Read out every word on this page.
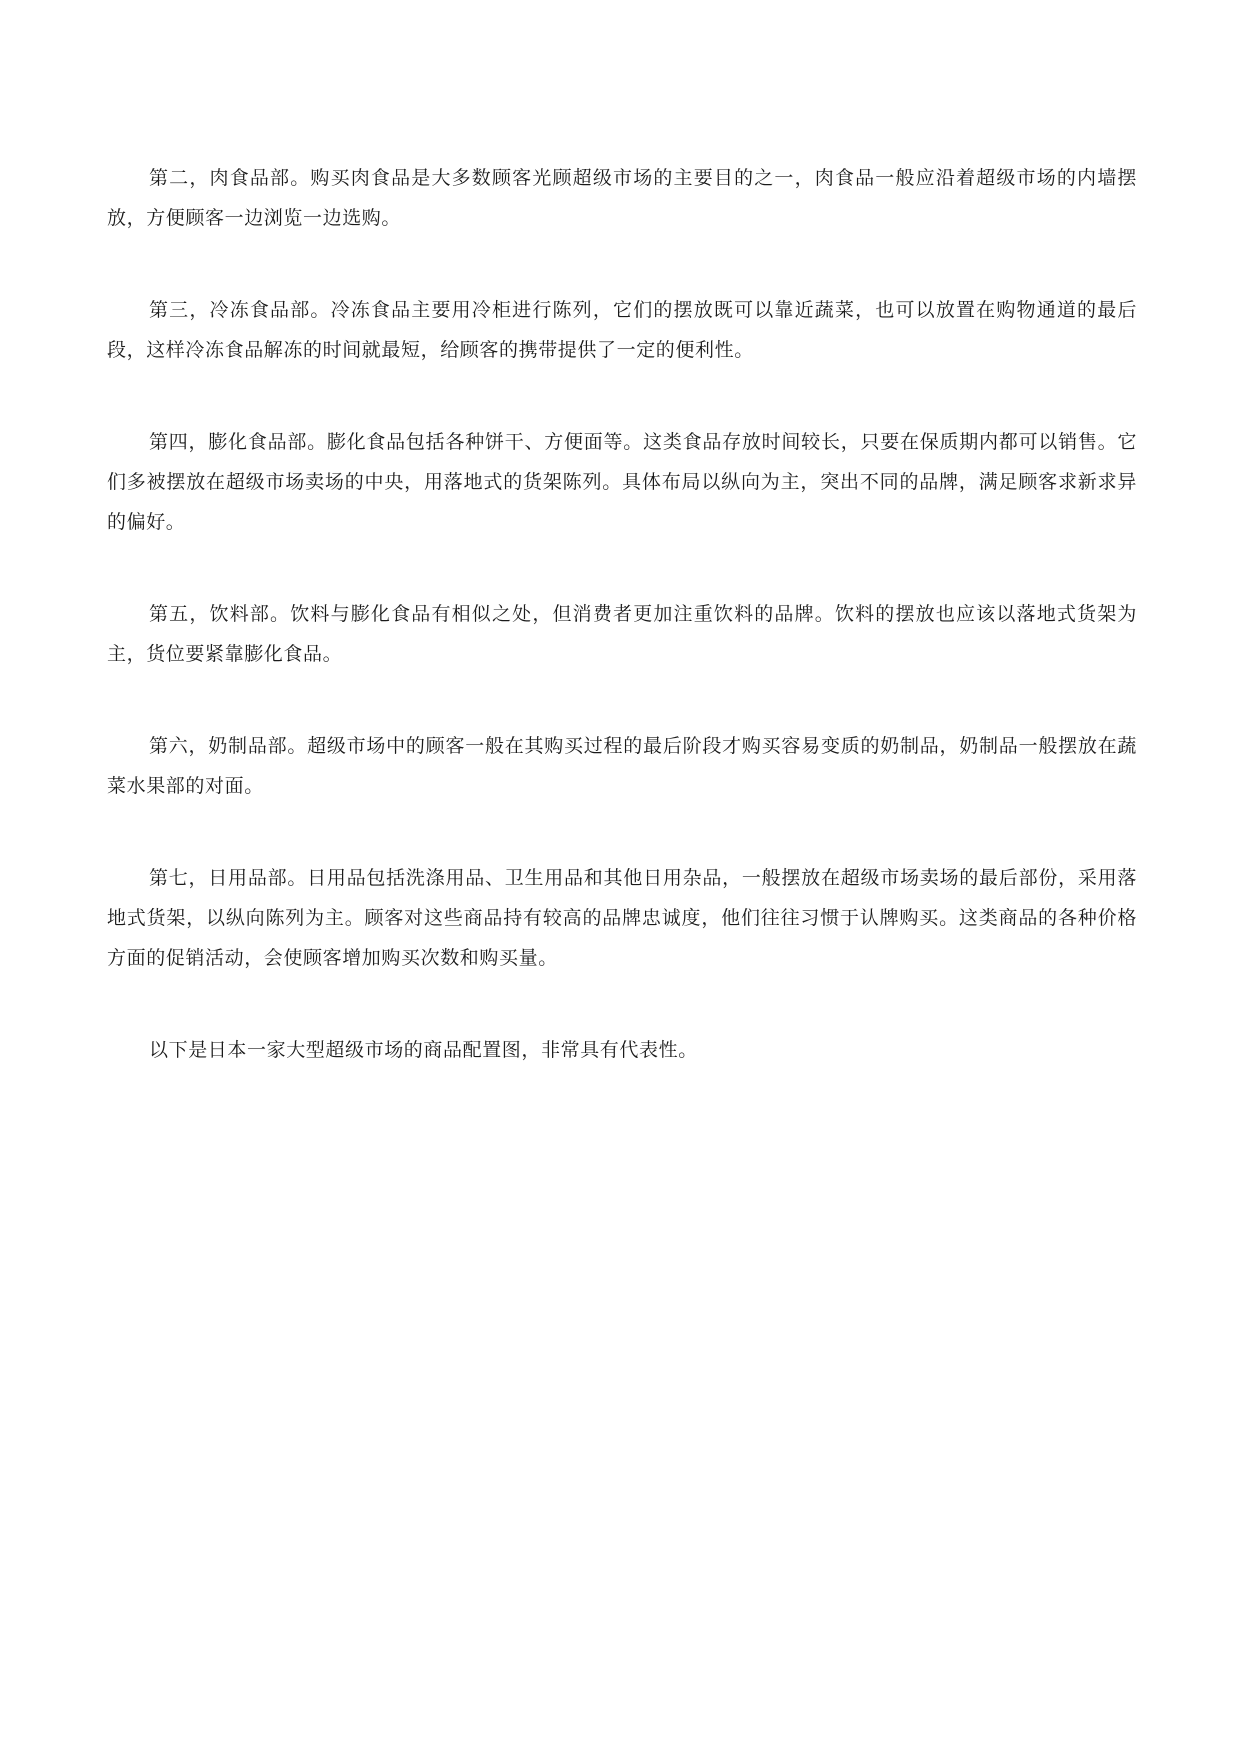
第二，肉食品部。购买肉食品是大多数顾客光顾超级市场的主要目的之一，肉食品一般应沿着超级市场的内墙摆放，方便顾客一边浏览一边选购。

第三，冷冻食品部。冷冻食品主要用冷柜进行陈列，它们的摆放既可以靠近蔬菜，也可以放置在购物通道的最后段，这样冷冻食品解冻的时间就最短，给顾客的携带提供了一定的便利性。

第四，膨化食品部。膨化食品包括各种饼干、方便面等。这类食品存放时间较长，只要在保质期内都可以销售。它们多被摆放在超级市场卖场的中央，用落地式的货架陈列。具体布局以纵向为主，突出不同的品牌，满足顾客求新求异的偏好。

第五，饮料部。饮料与膨化食品有相似之处，但消费者更加注重饮料的品牌。饮料的摆放也应该以落地式货架为主，货位要紧靠膨化食品。

第六，奶制品部。超级市场中的顾客一般在其购买过程的最后阶段才购买容易变质的奶制品，奶制品一般摆放在蔬菜水果部的对面。

第七，日用品部。日用品包括洗涤用品、卫生用品和其他日用杂品，一般摆放在超级市场卖场的最后部份，采用落地式货架，以纵向陈列为主。顾客对这些商品持有较高的品牌忠诚度，他们往往习惯于认牌购买。这类商品的各种价格方面的促销活动，会使顾客增加购买次数和购买量。

以下是日本一家大型超级市场的商品配置图，非常具有代表性。
